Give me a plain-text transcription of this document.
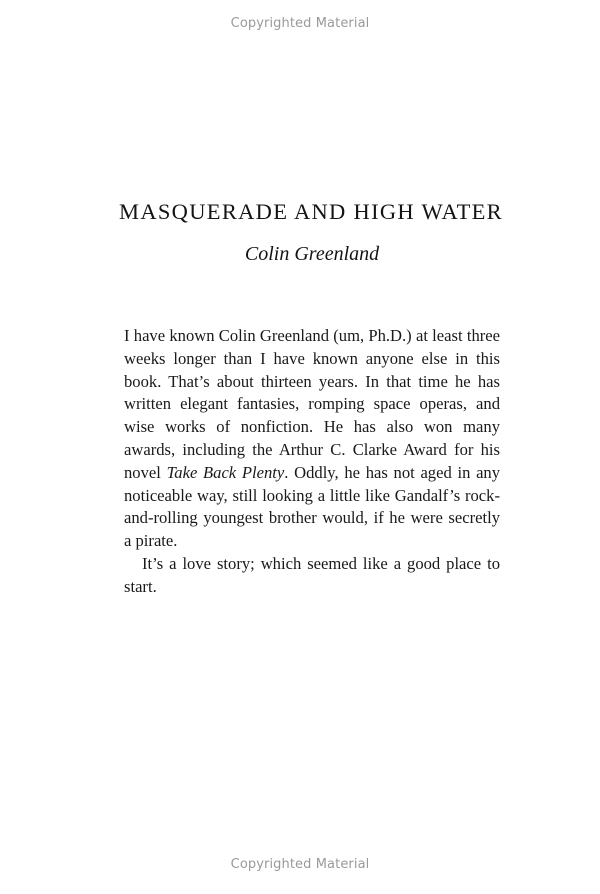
Copyrighted Material
MASQUERADE AND HIGH WATER
Colin Greenland

I have known Colin Greenland (um, Ph.D.) at least three weeks longer than I have known anyone else in this book. That’s about thirteen years. In that time he has written elegant fantasies, romping space operas, and wise works of nonfiction. He has also won many awards, including the Arthur C. Clarke Award for his novel Take Back Plenty. Oddly, he has not aged in any noticeable way, still looking a little like Gandalf’s rock-and-rolling youngest brother would, if he were secretly a pirate.

It’s a love story; which seemed like a good place to start.

Copyrighted Material
